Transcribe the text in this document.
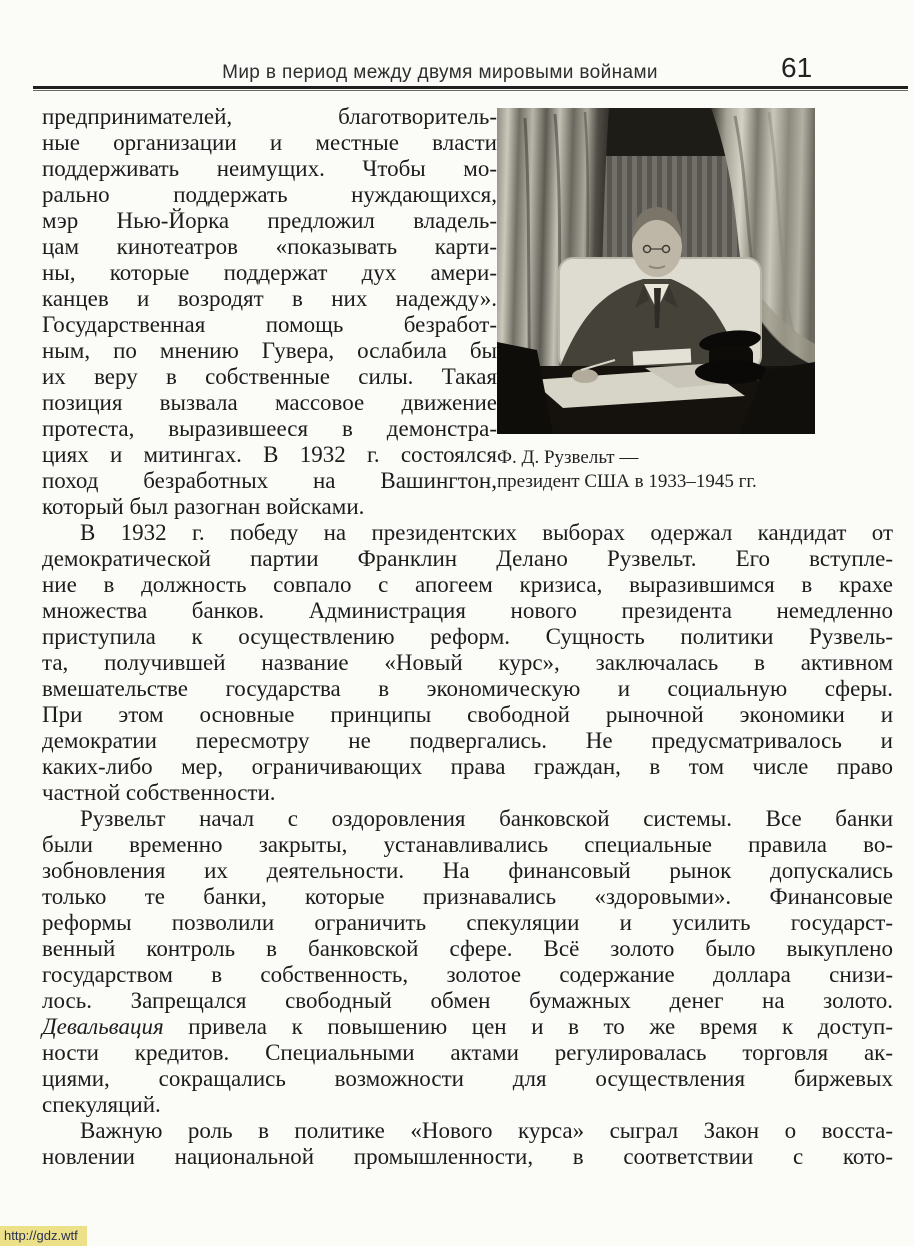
Мир в период между двумя мировыми войнами	61
Ф. Д. Рузвельт —
президент США в 1933–1945 гг.
предпринимателей, благотворитель-
ные организации и местные власти
поддерживать неимущих. Чтобы мо-
рально поддержать нуждающихся,
мэр Нью-Йорка предложил владель-
цам кинотеатров «показывать карти-
ны, которые поддержат дух амери-
канцев и возродят в них надежду».
Государственная помощь безработ-
ным, по мнению Гувера, ослабила бы
их веру в собственные силы. Такая
позиция вызвала массовое движение
протеста, выразившееся в демонстра-
циях и митингах. В 1932 г. состоялся
поход безработных на Вашингтон,
который был разогнан войсками.
В 1932 г. победу на президентских выборах одержал кандидат от
демократической партии Франклин Делано Рузвельт. Его вступле-
ние в должность совпало с апогеем кризиса, выразившимся в крахе
множества банков. Администрация нового президента немедленно
приступила к осуществлению реформ. Сущность политики Рузвель-
та, получившей название «Новый курс», заключалась в активном
вмешательстве государства в экономическую и социальную сферы.
При этом основные принципы свободной рыночной экономики и
демократии пересмотру не подвергались. Не предусматривалось и
каких-либо мер, ограничивающих права граждан, в том числе право
частной собственности.
Рузвельт начал с оздоровления банковской системы. Все банки
были временно закрыты, устанавливались специальные правила во-
зобновления их деятельности. На финансовый рынок допускались
только те банки, которые признавались «здоровыми». Финансовые
реформы позволили ограничить спекуляции и усилить государст-
венный контроль в банковской сфере. Всё золото было выкуплено
государством в собственность, золотое содержание доллара снизи-
лось. Запрещался свободный обмен бумажных денег на золото.
Девальвация привела к повышению цен и в то же время к доступ-
ности кредитов. Специальными актами регулировалась торговля ак-
циями, сокращались возможности для осуществления биржевых
спекуляций.
Важную роль в политике «Нового курса» сыграл Закон о восста-
новлении национальной промышленности, в соответствии с кото-
http://gdz.wtf
